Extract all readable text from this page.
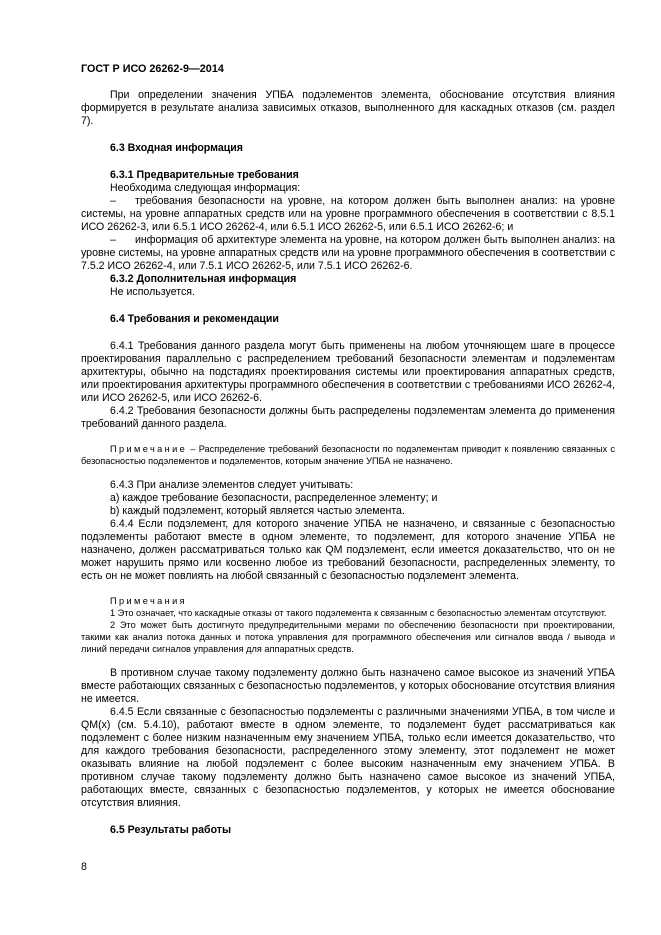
ГОСТ Р ИСО 26262-9—2014

При определении значения УПБА подэлементов элемента, обоснование отсутствия влияния формируется в результате анализа зависимых отказов, выполненного для каскадных отказов (см. раздел 7).

6.3 Входная информация
6.3.1 Предварительные требования
Необходима следующая информация:

– требования безопасности на уровне, на котором должен быть выполнен анализ: на уровне системы, на уровне аппаратных средств или на уровне программного обеспечения в соответствии с 8.5.1 ИСО 26262-3, или 6.5.1 ИСО 26262-4, или 6.5.1 ИСО 26262-5, или 6.5.1 ИСО 26262-6; и

– информация об архитектуре элемента на уровне, на котором должен быть выполнен анализ: на уровне системы, на уровне аппаратных средств или на уровне программного обеспечения в соответствии с 7.5.2 ИСО 26262-4, или 7.5.1 ИСО 26262-5, или 7.5.1 ИСО 26262-6.

6.3.2 Дополнительная информация
Не используется.
6.4 Требования и рекомендации

6.4.1 Требования данного раздела могут быть применены на любом уточняющем шаге в процессе проектирования параллельно с распределением требований безопасности элементам и подэлементам архитектуры, обычно на подстадиях проектирования системы или проектирования аппаратных средств, или проектирования архитектуры программного обеспечения в соответствии с требованиями ИСО 26262-4, или ИСО 26262-5, или ИСО 26262-6.

6.4.2 Требования безопасности должны быть распределены подэлементам элемента до применения требований данного раздела.

Примечание – Распределение требований безопасности по подэлементам приводит к появлению связанных с безопасностью подэлементов и подэлементов, которым значение УПБА не назначено.

6.4.3 При анализе элементов следует учитывать:
a) каждое требование безопасности, распределенное элементу; и
b) каждый подэлемент, который является частью элемента.

6.4.4 Если подэлемент, для которого значение УПБА не назначено, и связанные с безопасностью подэлементы работают вместе в одном элементе, то подэлемент, для которого значение УПБА не назначено, должен рассматриваться только как QM подэлемент, если имеется доказательство, что он не может нарушить прямо или косвенно любое из требований безопасности, распределенных элементу, то есть он не может повлиять на любой связанный с безопасностью подэлемент элемента.

Примечания

1 Это означает, что каскадные отказы от такого подэлемента к связанным с безопасностью элементам отсутствуют.

2 Это может быть достигнуто предупредительными мерами по обеспечению безопасности при проектировании, такими как анализ потока данных и потока управления для программного обеспечения или сигналов ввода / вывода и линий передачи сигналов управления для аппаратных средств.

В противном случае такому подэлементу должно быть назначено самое высокое из значений УПБА вместе работающих связанных с безопасностью подэлементов, у которых обоснование отсутствия влияния не имеется.

6.4.5 Если связанные с безопасностью подэлементы с различными значениями УПБА, в том числе и QM(x) (см. 5.4.10), работают вместе в одном элементе, то подэлемент будет рассматриваться как подэлемент с более низким назначенным ему значением УПБА, только если имеется доказательство, что для каждого требования безопасности, распределенного этому элементу, этот подэлемент не может оказывать влияние на любой подэлемент с более высоким назначенным ему значением УПБА. В противном случае такому подэлементу должно быть назначено самое высокое из значений УПБА, работающих вместе, связанных с безопасностью подэлементов, у которых не имеется обоснование отсутствия влияния.

6.5 Результаты работы
8
